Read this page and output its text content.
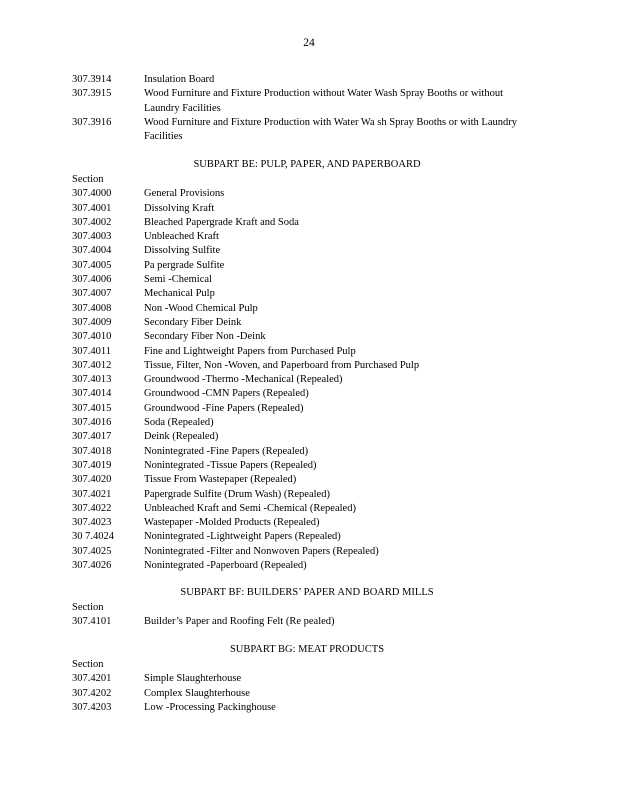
24
307.3914	Insulation Board
307.3915	Wood Furniture and Fixture Production without Water Wash Spray Booths or without Laundry Facilities
307.3916	Wood Furniture and Fixture Production with Water Wa sh Spray Booths or with Laundry Facilities
SUBPART BE: PULP, PAPER, AND PAPERBOARD
Section
307.4000	General Provisions
307.4001	Dissolving Kraft
307.4002	Bleached Papergrade Kraft and Soda
307.4003	Unbleached Kraft
307.4004	Dissolving Sulfite
307.4005	Pa pergrade Sulfite
307.4006	Semi -Chemical
307.4007	Mechanical Pulp
307.4008	Non -Wood Chemical Pulp
307.4009	Secondary Fiber Deink
307.4010	Secondary Fiber Non -Deink
307.4011	Fine and Lightweight Papers from Purchased Pulp
307.4012	Tissue, Filter, Non -Woven, and Paperboard from Purchased Pulp
307.4013	Groundwood -Thermo -Mechanical (Repealed)
307.4014	Groundwood -CMN Papers (Repealed)
307.4015	Groundwood -Fine Papers (Repealed)
307.4016	Soda (Repealed)
307.4017	Deink (Repealed)
307.4018	Nonintegrated -Fine Papers (Repealed)
307.4019	Nonintegrated -Tissue Papers (Repealed)
307.4020	Tissue From Wastepaper (Repealed)
307.4021	Papergrade Sulfite (Drum Wash) (Repealed)
307.4022	Unbleached Kraft and Semi -Chemical (Repealed)
307.4023	Wastepaper -Molded Products (Repealed)
30 7.4024	Nonintegrated -Lightweight Papers (Repealed)
307.4025	Nonintegrated -Filter and Nonwoven Papers (Repealed)
307.4026	Nonintegrated -Paperboard (Repealed)
SUBPART BF: BUILDERS’ PAPER AND BOARD MILLS
Section
307.4101	Builder’s Paper and Roofing Felt (Re pealed)
SUBPART BG: MEAT PRODUCTS
Section
307.4201	Simple Slaughterhouse
307.4202	Complex Slaughterhouse
307.4203	Low -Processing Packinghouse
